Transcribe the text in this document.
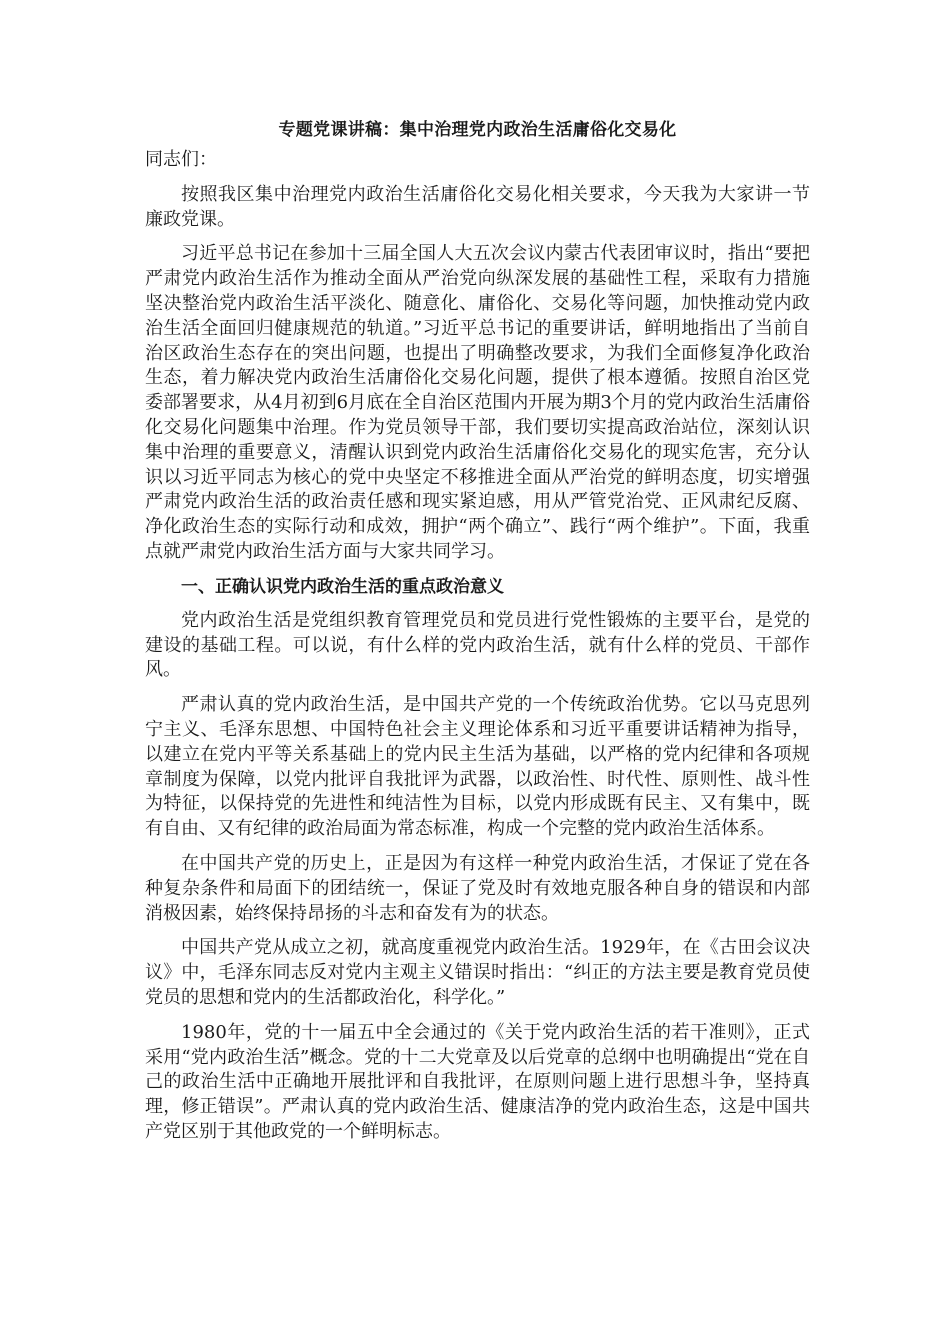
专题党课讲稿：集中治理党内政治生活庸俗化交易化
同志们：

按照我区集中治理党内政治生活庸俗化交易化相关要求，今天我为大家讲一节廉政党课。

习近平总书记在参加十三届全国人大五次会议内蒙古代表团审议时，指出“要把严肃党内政治生活作为推动全面从严治党向纵深发展的基础性工程，采取有力措施坚决整治党内政治生活平淡化、随意化、庸俗化、交易化等问题，加快推动党内政治生活全面回归健康规范的轨道。”习近平总书记的重要讲话，鲜明地指出了当前自治区政治生态存在的突出问题，也提出了明确整改要求，为我们全面修复净化政治生态，着力解决党内政治生活庸俗化交易化问题，提供了根本遵循。按照自治区党委部署要求，从4月初到6月底在全自治区范围内开展为期3个月的党内政治生活庸俗化交易化问题集中治理。作为党员领导干部，我们要切实提高政治站位，深刻认识集中治理的重要意义，清醒认识到党内政治生活庸俗化交易化的现实危害，充分认识以习近平同志为核心的党中央坚定不移推进全面从严治党的鲜明态度，切实增强严肃党内政治生活的政治责任感和现实紧迫感，用从严管党治党、正风肃纪反腐、净化政治生态的实际行动和成效，拥护“两个确立”、践行“两个维护”。下面，我重点就严肃党内政治生活方面与大家共同学习。

一、正确认识党内政治生活的重点政治意义

党内政治生活是党组织教育管理党员和党员进行党性锻炼的主要平台，是党的建设的基础工程。可以说，有什么样的党内政治生活，就有什么样的党员、干部作风。

严肃认真的党内政治生活，是中国共产党的一个传统政治优势。它以马克思列宁主义、毛泽东思想、中国特色社会主义理论体系和习近平重要讲话精神为指导，以建立在党内平等关系基础上的党内民主生活为基础，以严格的党内纪律和各项规章制度为保障，以党内批评自我批评为武器，以政治性、时代性、原则性、战斗性为特征，以保持党的先进性和纯洁性为目标，以党内形成既有民主、又有集中，既有自由、又有纪律的政治局面为常态标准，构成一个完整的党内政治生活体系。

在中国共产党的历史上，正是因为有这样一种党内政治生活，才保证了党在各种复杂条件和局面下的团结统一，保证了党及时有效地克服各种自身的错误和内部消极因素，始终保持昂扬的斗志和奋发有为的状态。

中国共产党从成立之初，就高度重视党内政治生活。1929年，在《古田会议决议》中，毛泽东同志反对党内主观主义错误时指出：“纠正的方法主要是教育党员使党员的思想和党内的生活都政治化，科学化。”

1980年，党的十一届五中全会通过的《关于党内政治生活的若干准则》，正式采用“党内政治生活”概念。党的十二大党章及以后党章的总纲中也明确提出“党在自己的政治生活中正确地开展批评和自我批评，在原则问题上进行思想斗争，坚持真理，修正错误”。严肃认真的党内政治生活、健康洁净的党内政治生态，这是中国共产党区别于其他政党的一个鲜明标志。
